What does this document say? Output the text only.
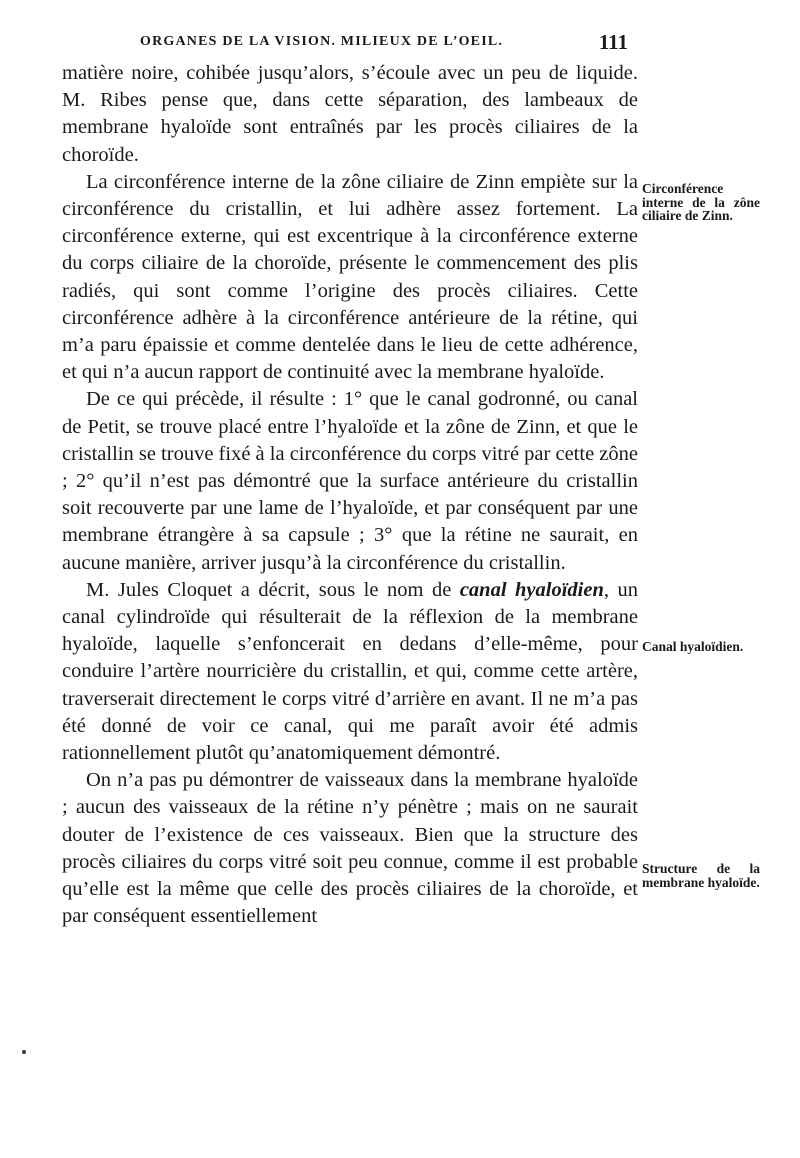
ORGANES DE LA VISION. MILIEUX DE L’OEIL.	111

matière noire, cohibée jusqu’alors, s’écoule avec un peu de liquide. M. Ribes pense que, dans cette séparation, des lambeaux de membrane hyaloïde sont entraînés par les procès ciliaires de la choroïde.

La circonférence interne de la zône ciliaire de Zinn empiète sur la circonférence du cristallin, et lui adhère assez fortement. La circonférence externe, qui est excentrique à la circonférence externe du corps ciliaire de la choroïde, présente le commencement des plis radiés, qui sont comme l’origine des procès ciliaires. Cette circonférence adhère à la circonférence antérieure de la rétine, qui m’a paru épaissie et comme dentelée dans le lieu de cette adhérence, et qui n’a aucun rapport de continuité avec la membrane hyaloïde.

De ce qui précède, il résulte : 1° que le canal godronné, ou canal de Petit, se trouve placé entre l’hyaloïde et la zône de Zinn, et que le cristallin se trouve fixé à la circonférence du corps vitré par cette zône ; 2° qu’il n’est pas démontré que la surface antérieure du cristallin soit recouverte par une lame de l’hyaloïde, et par conséquent par une membrane étrangère à sa capsule ; 3° que la rétine ne saurait, en aucune manière, arriver jusqu’à la circonférence du cristallin.

M. Jules Cloquet a décrit, sous le nom de canal hyaloïdien, un canal cylindroïde qui résulterait de la réflexion de la membrane hyaloïde, laquelle s’enfoncerait en dedans d’elle-même, pour conduire l’artère nourricière du cristallin, et qui, comme cette artère, traverserait directement le corps vitré d’arrière en avant. Il ne m’a pas été donné de voir ce canal, qui me paraît avoir été admis rationnellement plutôt qu’anatomiquement démontré.

On n’a pas pu démontrer de vaisseaux dans la membrane hyaloïde ; aucun des vaisseaux de la rétine n’y pénètre ; mais on ne saurait douter de l’existence de ces vaisseaux. Bien que la structure des procès ciliaires du corps vitré soit peu connue, comme il est probable qu’elle est la même que celle des procès ciliaires de la choroïde, et par conséquent essentiellement

Circonférence interne de la zône ciliaire de Zinn.
Canal hyaloïdien.
Structure de la membrane hyaloïde.
